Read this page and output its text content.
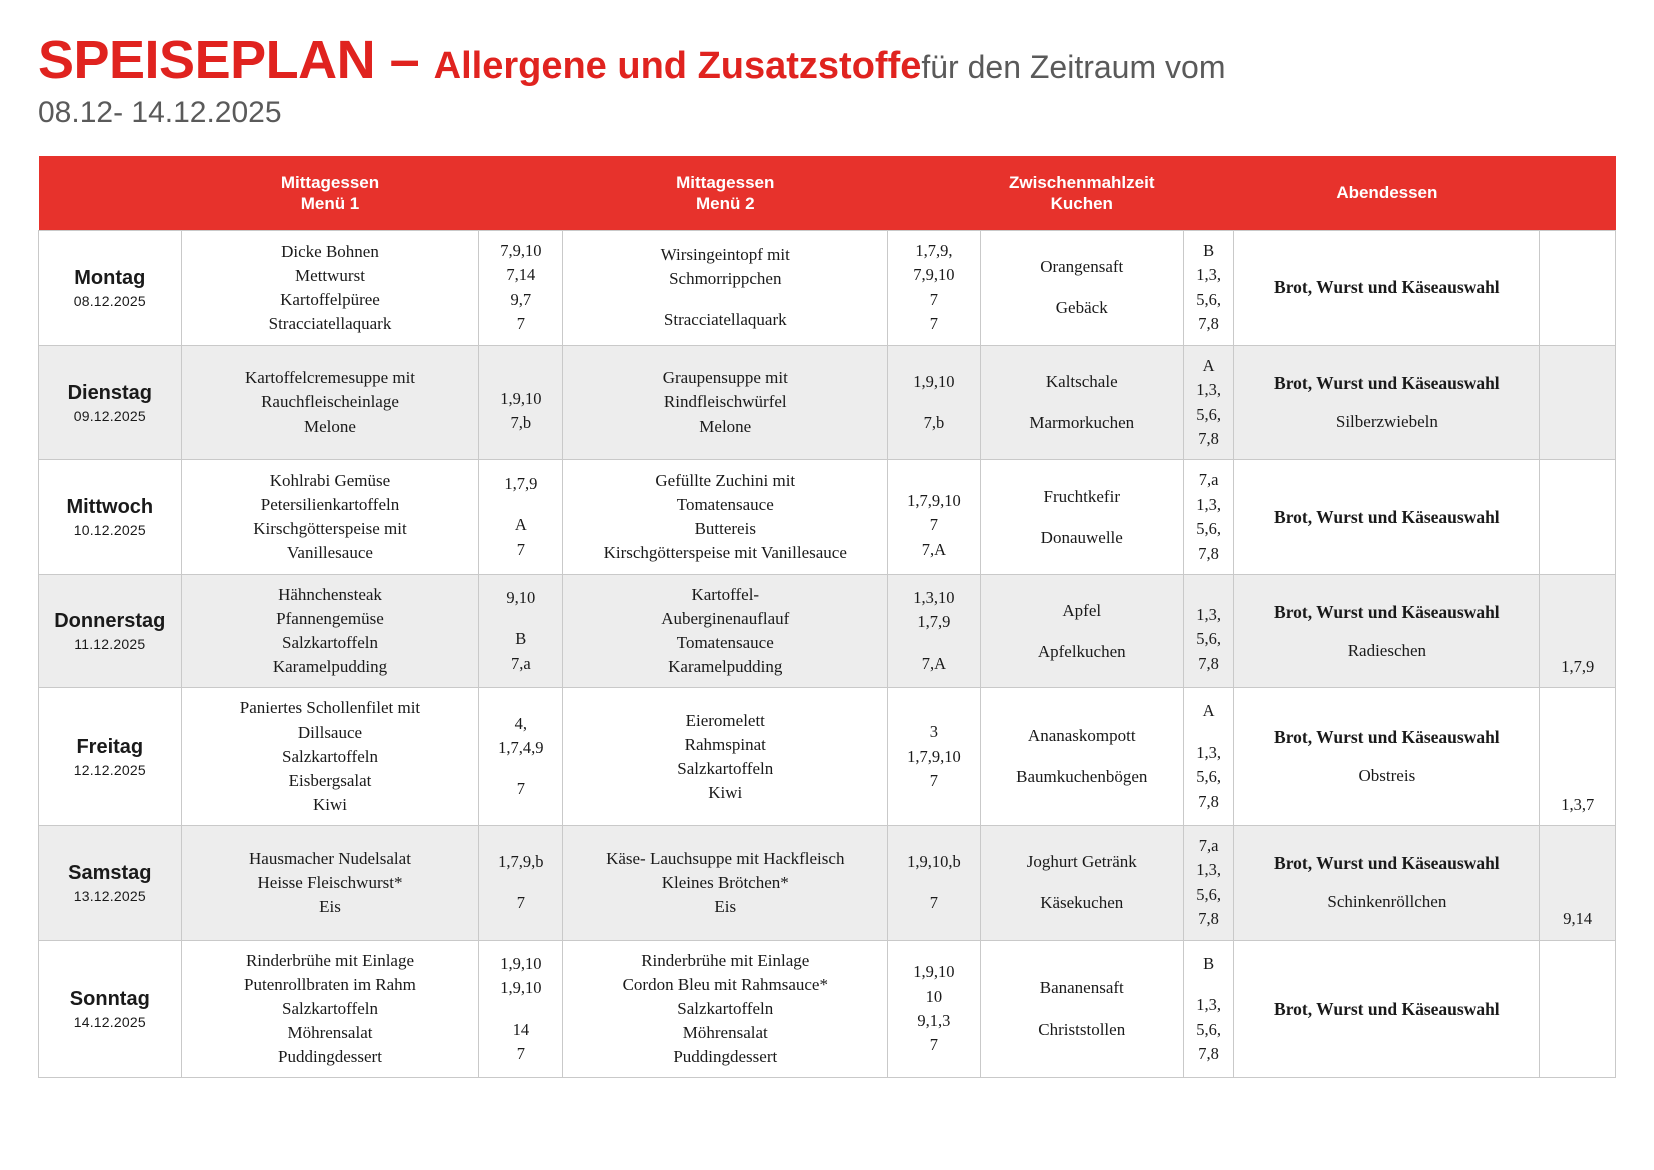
SPEISEPLAN – Allergene und Zusatzstoffefür den Zeitraum vom
08.12- 14.12.2025
	Mittagessen
Menü 1		Mittagessen
Menü 2		Zwischenmahlzeit
Kuchen		Abendessen	
Montag
08.12.2025	Dicke Bohnen
Mettwurst
Kartoffelpüree
Stracciatellaquark	7,9,10
7,14
9,7
7	Wirsingeintopf mit
Schmorrippchen
Stracciatellaquark	1,7,9,
7,9,10
7
7	Orangensaft
Gebäck	B
1,3,
5,6,
7,8	Brot, Wurst und Käseauswahl	

Dienstag
09.12.2025	Kartoffelcremesuppe mit
Rauchfleischeinlage
Melone	1,9,10
7,b	Graupensuppe mit
Rindfleischwürfel
Melone	1,9,10
7,b	Kaltschale
Marmorkuchen	A
1,3,
5,6,
7,8	Brot, Wurst und Käseauswahl
Silberzwiebeln	

Mittwoch
10.12.2025	Kohlrabi Gemüse
Petersilienkartoffeln
Kirschgötterspeise mit
Vanillesauce	1,7,9
A
7	Gefüllte Zuchini mit
Tomatensauce
Buttereis
Kirschgötterspeise mit Vanillesauce	1,7,9,10
7
7,A	Fruchtkefir
Donauwelle	7,a
1,3,
5,6,
7,8	Brot, Wurst und Käseauswahl	

Donnerstag
11.12.2025	Hähnchensteak
Pfannengemüse
Salzkartoffeln
Karamelpudding	9,10
B
7,a	Kartoffel-
Auberginenauflauf
Tomatensauce
Karamelpudding	1,3,10
1,7,9
7,A	Apfel
Apfelkuchen	1,3,
5,6,
7,8	Brot, Wurst und Käseauswahl
Radieschen	1,7,9
Freitag
12.12.2025	Paniertes Schollenfilet mit
Dillsauce
Salzkartoffeln
Eisbergsalat
Kiwi	4,
1,7,4,9
7	Eieromelett
Rahmspinat
Salzkartoffeln
Kiwi	3
1,7,9,10
7	Ananaskompott
Baumkuchenbögen	A
1,3,
5,6,
7,8	Brot, Wurst und Käseauswahl
Obstreis	1,3,7
Samstag
13.12.2025	Hausmacher Nudelsalat
Heisse Fleischwurst*
Eis	1,7,9,b
7	Käse- Lauchsuppe mit Hackfleisch
Kleines Brötchen*
Eis	1,9,10,b
7	Joghurt Getränk
Käsekuchen	7,a
1,3,
5,6,
7,8	Brot, Wurst und Käseauswahl
Schinkenröllchen	9,14
Sonntag
14.12.2025	Rinderbrühe mit Einlage
Putenrollbraten im Rahm
Salzkartoffeln
Möhrensalat
Puddingdessert	1,9,10
1,9,10
14
7	Rinderbrühe mit Einlage
Cordon Bleu mit Rahmsauce*
Salzkartoffeln
Möhrensalat
Puddingdessert	1,9,10
10
9,1,3
7	Bananensaft
Christstollen	B
1,3,
5,6,
7,8	Brot, Wurst und Käseauswahl	
